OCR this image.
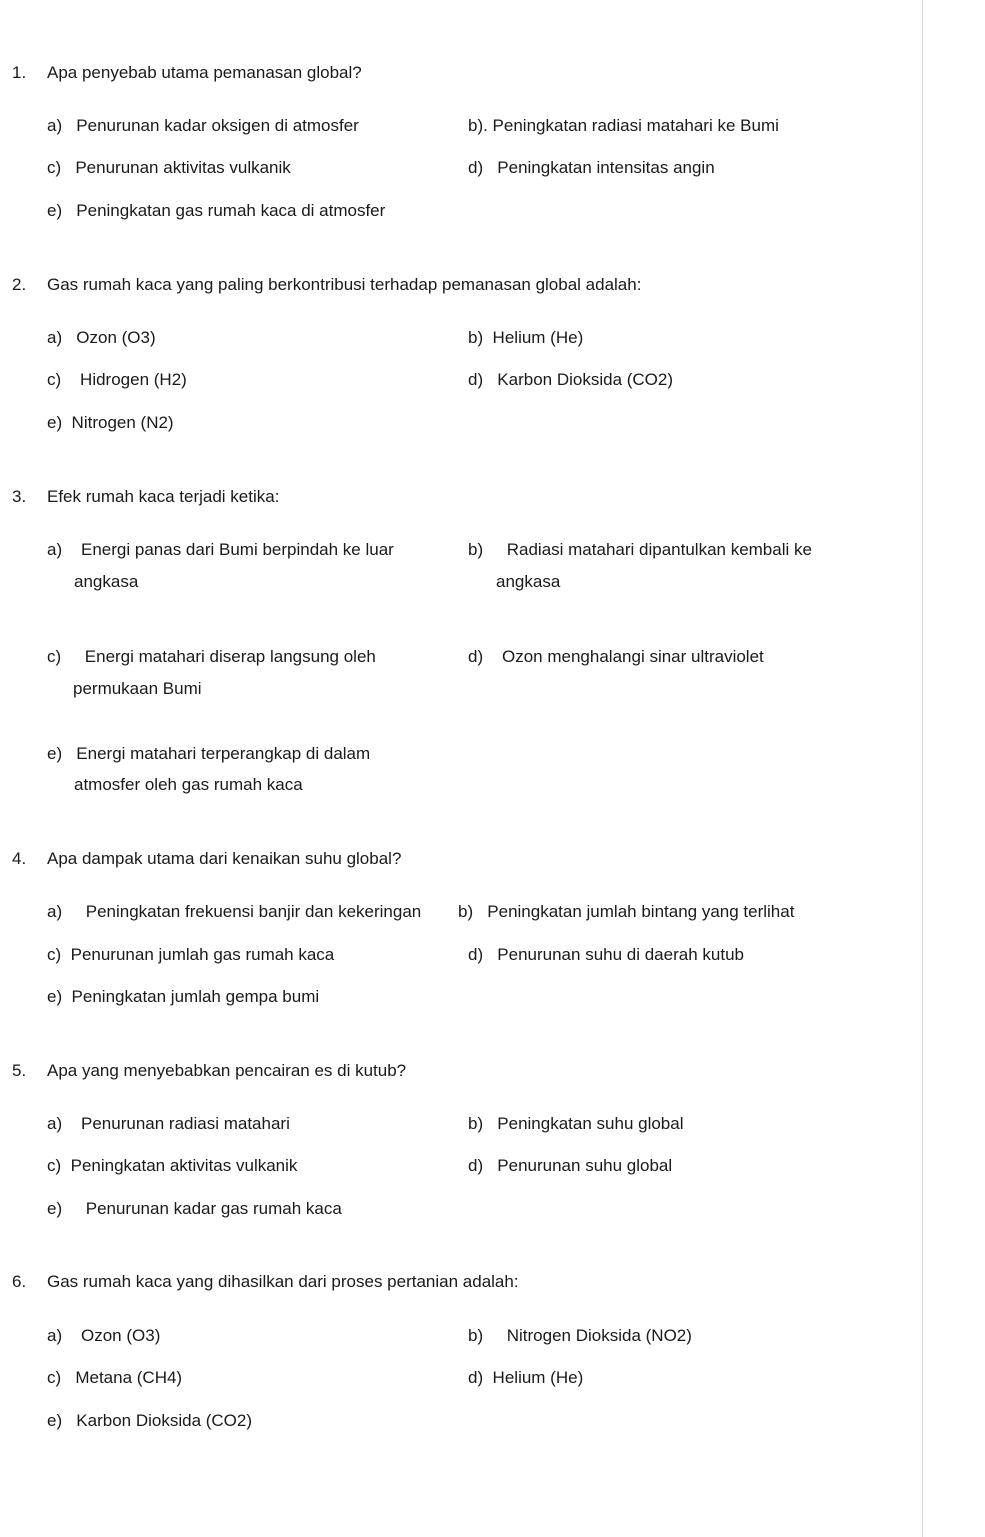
1. Apa penyebab utama pemanasan global?
a)   Penurunan kadar oksigen di atmosfer	b). Peningkatan radiasi matahari ke Bumi
c)   Penurunan aktivitas vulkanik	d)   Peningkatan intensitas angin
e)   Peningkatan gas rumah kaca di atmosfer
2. Gas rumah kaca yang paling berkontribusi terhadap pemanasan global adalah:
a)   Ozon (O3)	b)  Helium (He)
c)    Hidrogen (H2)	d)   Karbon Dioksida (CO2)
e)  Nitrogen (N2)
3. Efek rumah kaca terjadi ketika:
a)    Energi panas dari Bumi berpindah ke luar
angkasa
b)     Radiasi matahari dipantulkan kembali ke
angkasa
c)     Energi matahari diserap langsung oleh
permukaan Bumi
d)    Ozon menghalangi sinar ultraviolet
e)   Energi matahari terperangkap di dalam
atmosfer oleh gas rumah kaca
4. Apa dampak utama dari kenaikan suhu global?
a)     Peningkatan frekuensi banjir dan kekeringan b)   Peningkatan jumlah bintang yang terlihat
c)  Penurunan jumlah gas rumah kaca	d)   Penurunan suhu di daerah kutub
e)  Peningkatan jumlah gempa bumi
5. Apa yang menyebabkan pencairan es di kutub?
a)    Penurunan radiasi matahari	b)   Peningkatan suhu global
c)  Peningkatan aktivitas vulkanik	d)   Penurunan suhu global
e)     Penurunan kadar gas rumah kaca
6. Gas rumah kaca yang dihasilkan dari proses pertanian adalah:
a)    Ozon (O3)	b)     Nitrogen Dioksida (NO2)
c)   Metana (CH4)	d)  Helium (He)
e)   Karbon Dioksida (CO2)
